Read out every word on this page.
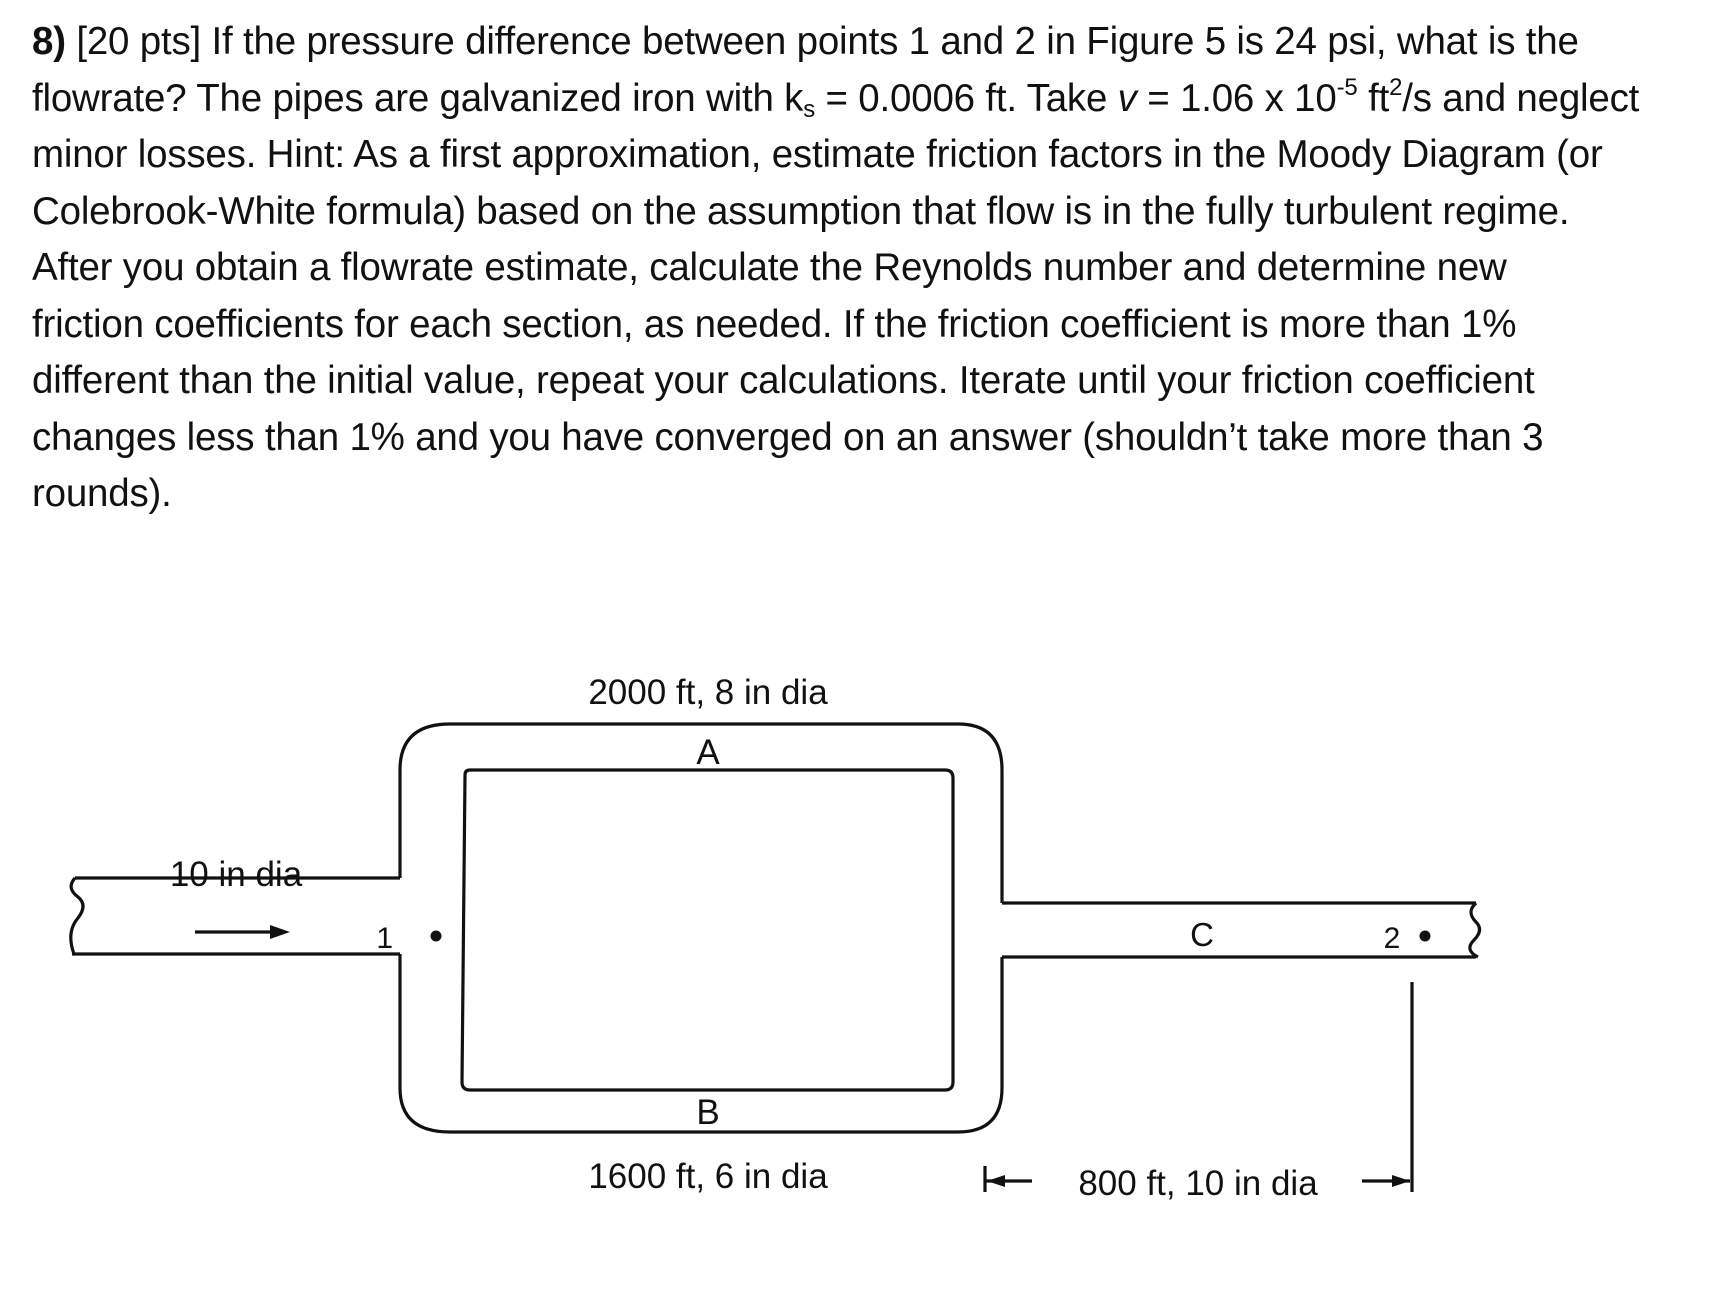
8) [20 pts] If the pressure difference between points 1 and 2 in Figure 5 is 24 psi, what is the
flowrate? The pipes are galvanized iron with $k_s = 0.0006$ ft. Take v = 1.06 x $10^{-5}$ $ft^2/s$ and neglect
minor losses. Hint: As a first approximation, estimate friction factors in the Moody Diagram (or
Colebrook-White formula) based on the assumption that flow is in the fully turbulent regime.
After you obtain a flowrate estimate, calculate the Reynolds number and determine new
friction coefficients for each section, as needed. If the friction coefficient is more than 1%
different than the initial value, repeat your calculations. Iterate until your friction coefficient
changes less than 1% and you have converged on an answer (shouldn’t take more than 3
rounds).
1	2
2000 ft, 8 in dia
A
B
1600 ft, 6 in dia
10 in dia
C
800 ft, 10 in dia
